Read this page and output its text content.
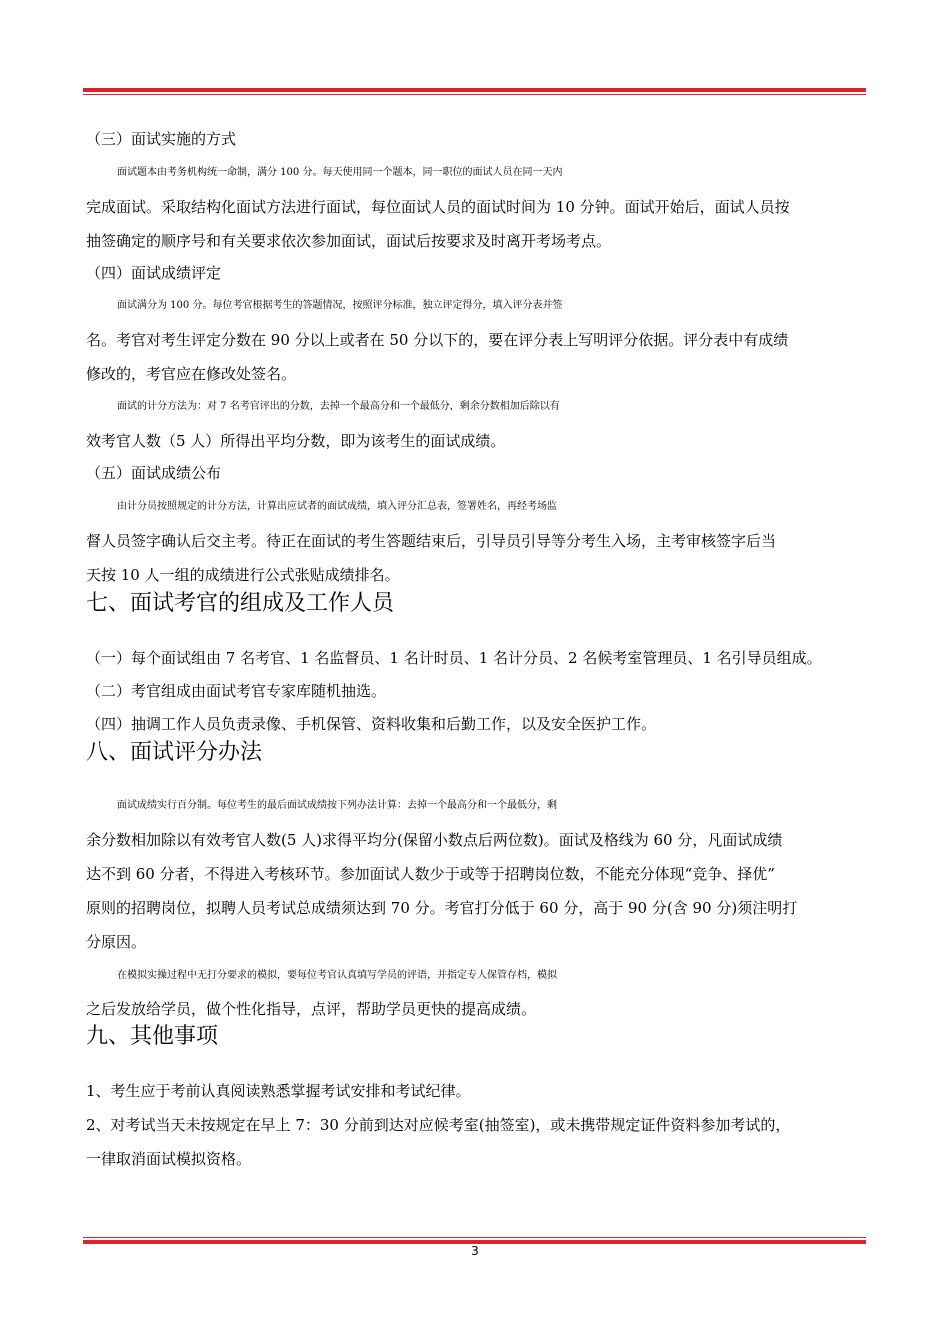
（三）面试实施的方式
面试题本由考务机构统一命制，满分 100 分。每天使用同一个题本，同一职位的面试人员在同一天内
完成面试。采取结构化面试方法进行面试，每位面试人员的面试时间为 10 分钟。面试开始后，面试人员按
抽签确定的顺序号和有关要求依次参加面试，面试后按要求及时离开考场考点。
（四）面试成绩评定
面试满分为 100 分。每位考官根据考生的答题情况，按照评分标准，独立评定得分，填入评分表并签
名。考官对考生评定分数在 90 分以上或者在 50 分以下的，要在评分表上写明评分依据。评分表中有成绩
修改的，考官应在修改处签名。
面试的计分方法为：对 7 名考官评出的分数，去掉一个最高分和一个最低分，剩余分数相加后除以有
效考官人数（5 人）所得出平均分数，即为该考生的面试成绩。
（五）面试成绩公布
由计分员按照规定的计分方法，计算出应试者的面试成绩，填入评分汇总表，签署姓名，再经考场监
督人员签字确认后交主考。待正在面试的考生答题结束后，引导员引导等分考生入场，主考审核签字后当
天按 10 人一组的成绩进行公式张贴成绩排名。
七、面试考官的组成及工作人员
（一）每个面试组由 7 名考官、1 名监督员、1 名计时员、1 名计分员、2 名候考室管理员、1 名引导员组成。
（二）考官组成由面试考官专家库随机抽选。
（四）抽调工作人员负责录像、手机保管、资料收集和后勤工作，以及安全医护工作。
八、面试评分办法
面试成绩实行百分制。每位考生的最后面试成绩按下列办法计算：去掉一个最高分和一个最低分，剩
余分数相加除以有效考官人数(5 人)求得平均分(保留小数点后两位数)。面试及格线为 60 分，凡面试成绩
达不到 60 分者，不得进入考核环节。参加面试人数少于或等于招聘岗位数，不能充分体现“竞争、择优”
原则的招聘岗位，拟聘人员考试总成绩须达到 70 分。考官打分低于 60 分，高于 90 分(含 90 分)须注明打
分原因。
在模拟实操过程中无打分要求的模拟，要每位考官认真填写学员的评语，并指定专人保管存档，模拟
之后发放给学员，做个性化指导，点评，帮助学员更快的提高成绩。
九、其他事项
1、考生应于考前认真阅读熟悉掌握考试安排和考试纪律。
2、对考试当天未按规定在早上 7：30 分前到达对应候考室(抽签室)，或未携带规定证件资料参加考试的，
一律取消面试模拟资格。
3
